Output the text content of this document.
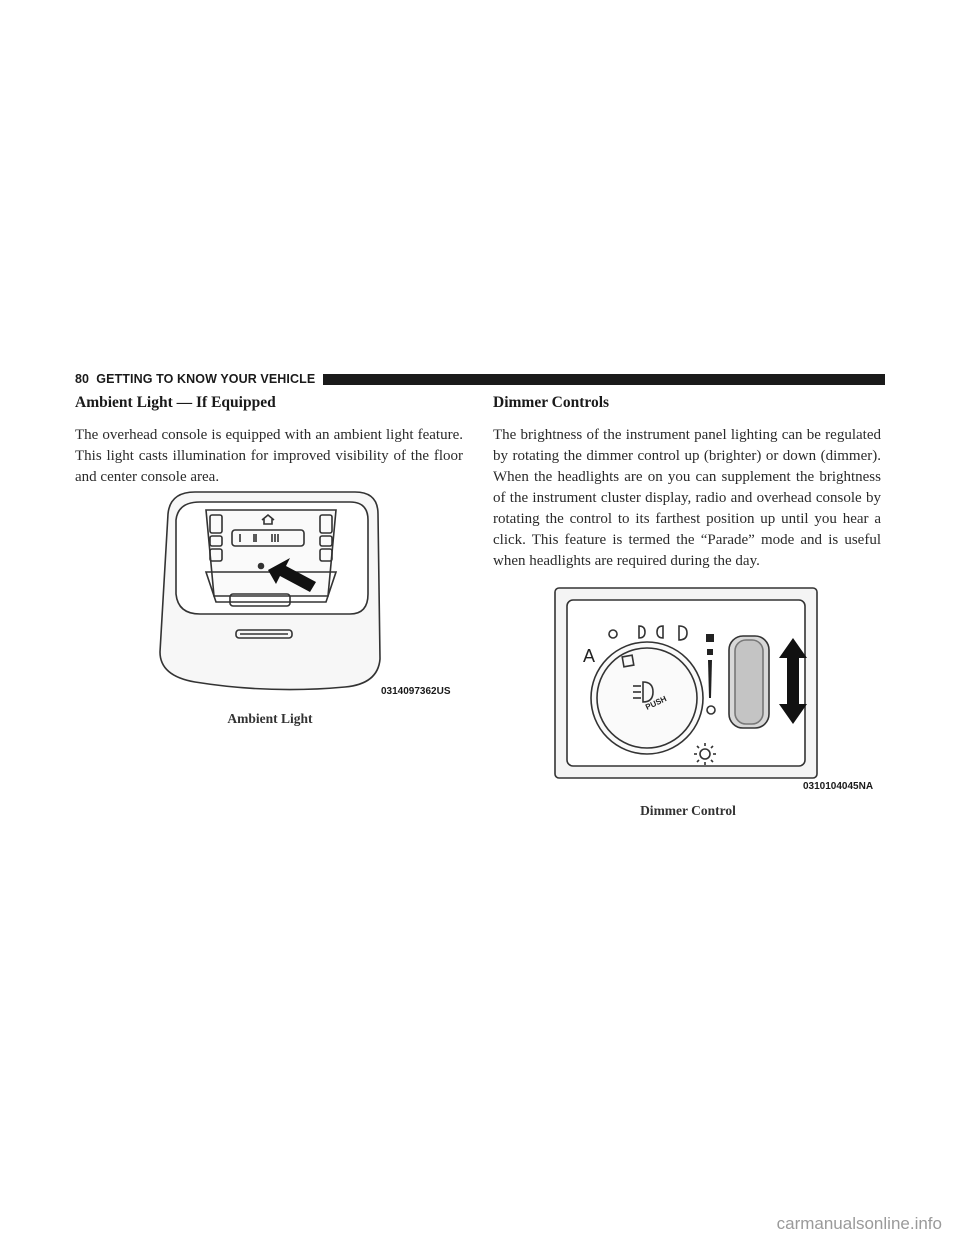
80 GETTING TO KNOW YOUR VEHICLE
Ambient Light — If Equipped

The overhead console is equipped with an ambient light feature. This light casts illumination for improved visibility of the floor and center console area.

Dimmer Controls

The brightness of the instrument panel lighting can be regulated by rotating the dimmer control up (brighter) or down (dimmer). When the headlights are on you can supplement the brightness of the instrument cluster display, radio and overhead console by rotating the control to its farthest position up until you hear a click. This feature is termed the “Parade” mode and is useful when headlights are required during the day.

0314097362US
Ambient Light
A
PUSH
0310104045NA
Dimmer Control
carmanualsonline.info
